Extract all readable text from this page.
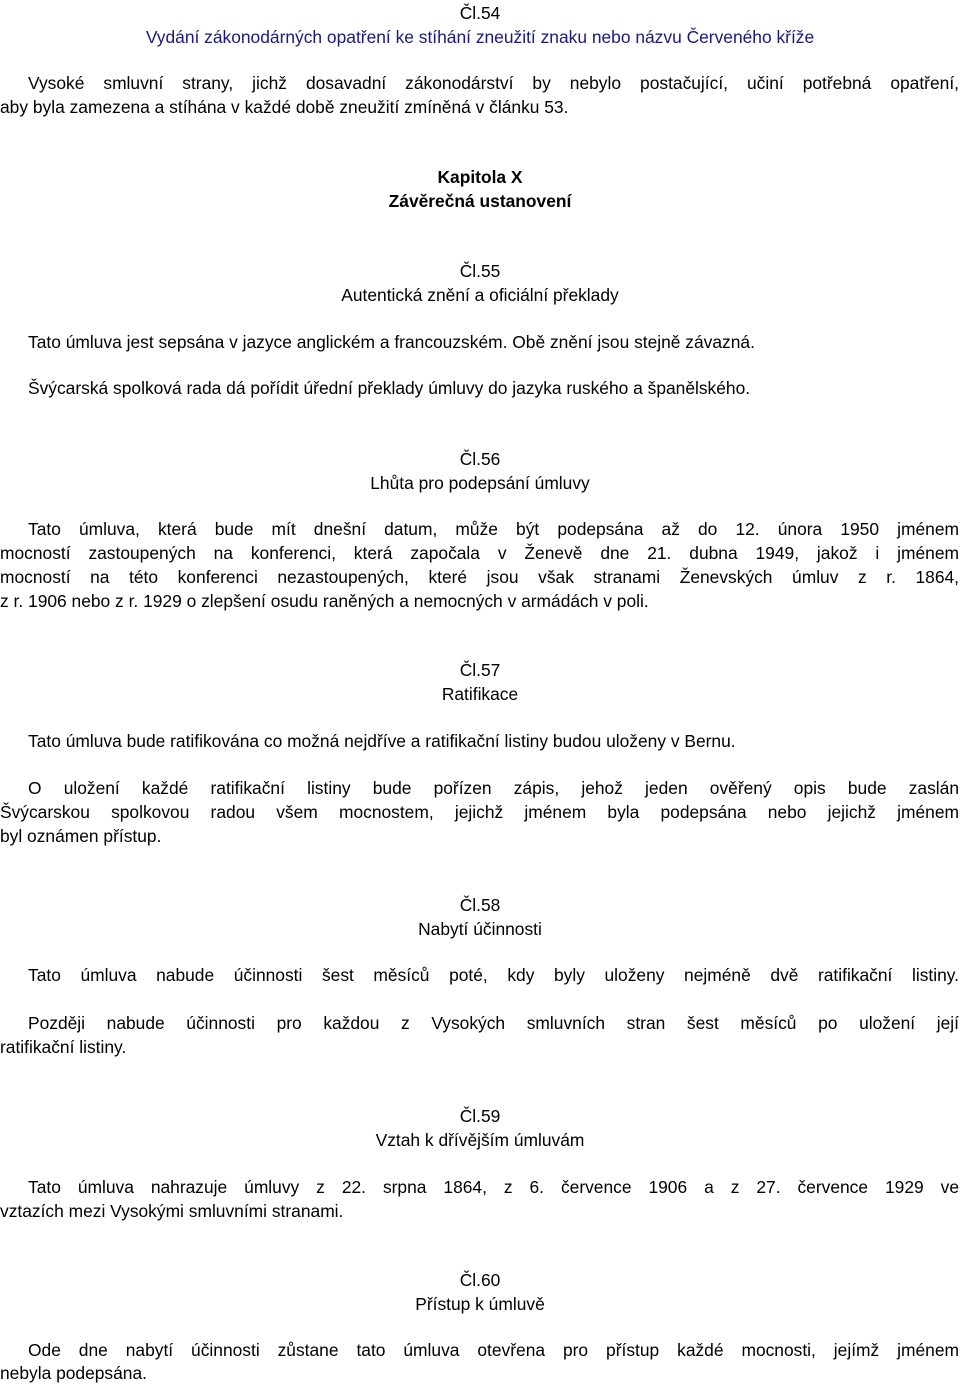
Čl.54

Vydání zákonodárných opatření ke stíhání zneužití znaku nebo názvu Červeného kříže

Vysoké smluvní strany, jichž dosavadní zákonodárství by nebylo postačující, učiní potřebná opatření,

aby byla zamezena a stíhána v každé době zneužití zmíněná v článku 53.

Kapitola X

Závěrečná ustanovení

Čl.55

Autentická znění a oficiální překlady

Tato úmluva jest sepsána v jazyce anglickém a francouzském. Obě znění jsou stejně závazná.

Švýcarská spolková rada dá pořídit úřední překlady úmluvy do jazyka ruského a španělského.

Čl.56

Lhůta pro podepsání úmluvy

Tato úmluva, která bude mít dnešní datum, může být podepsána až do 12. února 1950 jménem

mocností zastoupených na konferenci, která započala v Ženevě dne 21. dubna 1949, jakož i jménem

mocností na této konferenci nezastoupených, které jsou však stranami Ženevských úmluv z r. 1864,

z r. 1906 nebo z r. 1929 o zlepšení osudu raněných a nemocných v armádách v poli.

Čl.57

Ratifikace

Tato úmluva bude ratifikována co možná nejdříve a ratifikační listiny budou uloženy v Bernu.

O uložení každé ratifikační listiny bude pořízen zápis, jehož jeden ověřený opis bude zaslán

Švýcarskou spolkovou radou všem mocnostem, jejichž jménem byla podepsána nebo jejichž jménem

byl oznámen přístup.

Čl.58

Nabytí účinnosti

Tato úmluva nabude účinnosti šest měsíců poté, kdy byly uloženy nejméně dvě ratifikační listiny.

Později nabude účinnosti pro každou z Vysokých smluvních stran šest měsíců po uložení její

ratifikační listiny.

Čl.59

Vztah k dřívějším úmluvám

Tato úmluva nahrazuje úmluvy z 22. srpna 1864, z 6. července 1906 a z 27. července 1929 ve

vztazích mezi Vysokými smluvními stranami.

Čl.60

Přístup k úmluvě

Ode dne nabytí účinnosti zůstane tato úmluva otevřena pro přístup každé mocnosti, jejímž jménem

nebyla podepsána.
